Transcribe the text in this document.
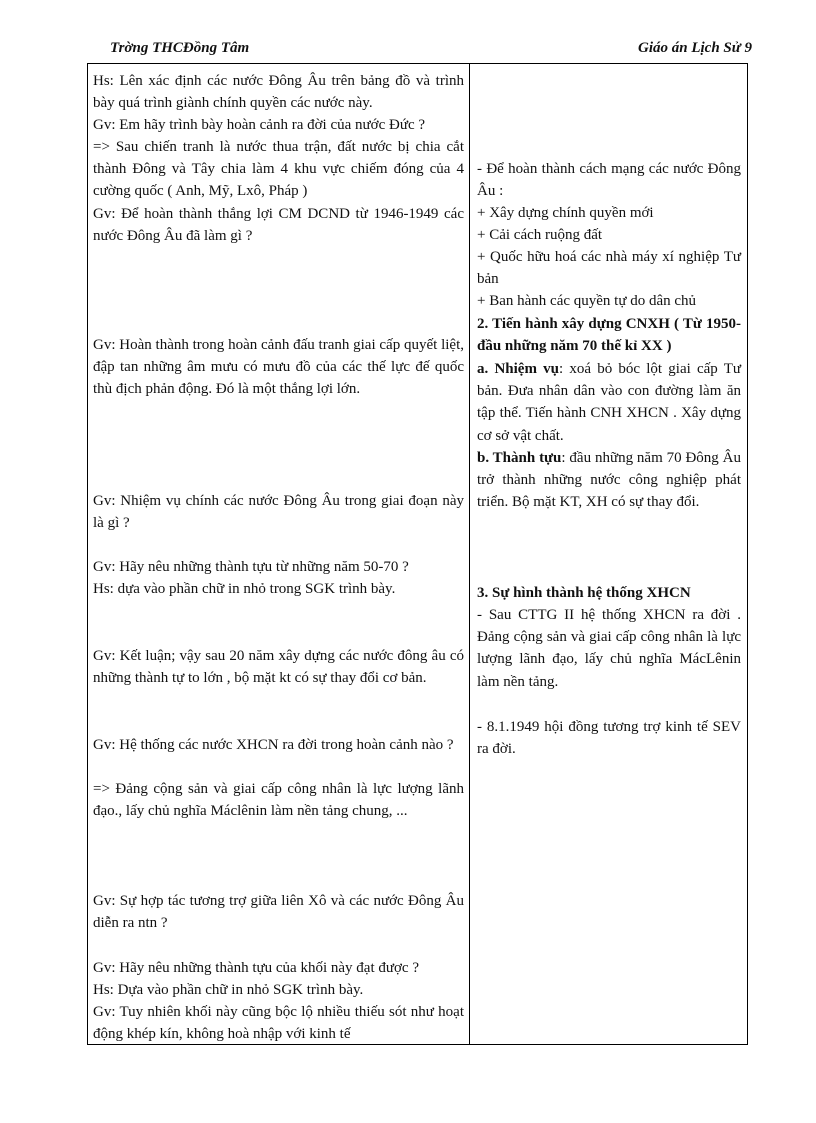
Trờng THCĐồng Tâm	Giáo án Lịch Sử 9

Hs: Lên xác định các nước Đông Âu trên bảng đồ và trình bày quá trình giành chính quyền các nước này.

Gv: Em hãy trình bày hoàn cảnh ra đời của nước Đức ?

=> Sau chiến tranh là nước thua trận, đất nước bị chia cắt thành Đông và Tây chia làm 4 khu vực chiếm đóng của 4 cường quốc ( Anh, Mỹ, Lxô, Pháp )

Gv: Để hoàn thành thắng lợi CM DCND từ 1946-1949 các nước Đông Âu đã làm gì ?

Gv: Hoàn thành trong hoàn cảnh đấu tranh giai cấp quyết liệt, đập tan những âm mưu có mưu đồ của các thế lực đế quốc thù địch phản động. Đó là một thắng lợi lớn.

Gv: Nhiệm vụ chính các nước Đông Âu trong giai đoạn này là gì ?

Gv: Hãy nêu những thành tựu từ những năm 50-70 ?

Hs: dựa vào phần chữ in nhỏ trong SGK trình bày.

Gv: Kết luận; vậy sau 20 năm xây dựng các nước đông âu có những thành tự to lớn , bộ mặt kt có sự thay đổi cơ bản.

Gv: Hệ thống các nước XHCN ra đời trong hoàn cảnh nào ?

=> Đảng cộng sản và giai cấp công nhân là lực lượng lãnh đạo., lấy chủ nghĩa Máclênin làm nền tảng chung, ...

Gv: Sự hợp tác tương trợ giữa liên Xô và các nước Đông Âu diễn ra ntn ?

Gv: Hãy nêu những thành tựu của khối này đạt được ?

Hs: Dựa vào phần chữ in nhỏ SGK trình bày.

Gv: Tuy nhiên khối này cũng bộc lộ nhiều thiếu sót như hoạt động khép kín, không hoà nhập với kinh tế

- Để hoàn thành cách mạng các nước Đông Âu :

+ Xây dựng chính quyền mới

+ Cải cách ruộng đất

+ Quốc hữu hoá các nhà máy xí nghiệp Tư bản

+ Ban hành các quyền tự do dân chủ

2. Tiến hành xây dựng CNXH ( Từ 1950- đầu những năm 70 thế kỉ XX )

a. Nhiệm vụ: xoá bỏ bóc lột giai cấp Tư bản. Đưa nhân dân vào con đường làm ăn tập thể. Tiến hành CNH XHCN . Xây dựng cơ sở vật chất.

b. Thành tựu: đầu những năm 70 Đông Âu trở thành những nước công nghiệp phát triển. Bộ mặt KT, XH có sự thay đổi.

3. Sự hình thành hệ thống XHCN

- Sau CTTG II hệ thống XHCN ra đời . Đảng cộng sản và giai cấp công nhân là lực lượng lãnh đạo, lấy chủ nghĩa MácLênin làm nền tảng.

- 8.1.1949 hội đồng tương trợ kinh tế SEV ra đời.
